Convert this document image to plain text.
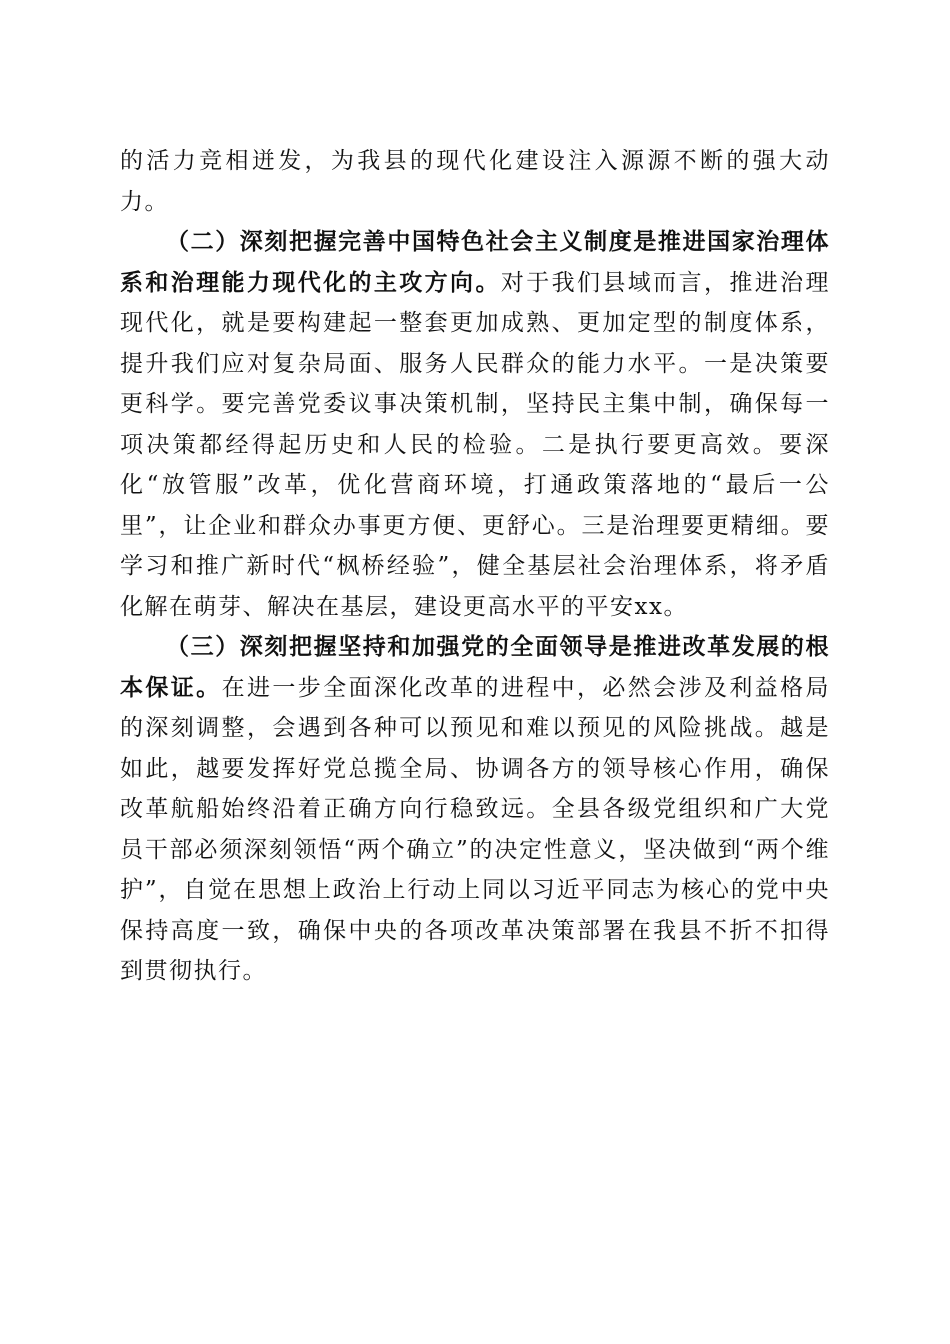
的活力竞相迸发，为我县的现代化建设注入源源不断的强大动力。

（二）深刻把握完善中国特色社会主义制度是推进国家治理体系和治理能力现代化的主攻方向。对于我们县域而言，推进治理现代化，就是要构建起一整套更加成熟、更加定型的制度体系，提升我们应对复杂局面、服务人民群众的能力水平。一是决策要更科学。要完善党委议事决策机制，坚持民主集中制，确保每一项决策都经得起历史和人民的检验。二是执行要更高效。要深化“放管服”改革，优化营商环境，打通政策落地的“最后一公里”，让企业和群众办事更方便、更舒心。三是治理要更精细。要学习和推广新时代“枫桥经验”，健全基层社会治理体系，将矛盾化解在萌芽、解决在基层，建设更高水平的平安xx。

（三）深刻把握坚持和加强党的全面领导是推进改革发展的根本保证。在进一步全面深化改革的进程中，必然会涉及利益格局的深刻调整，会遇到各种可以预见和难以预见的风险挑战。越是如此，越要发挥好党总揽全局、协调各方的领导核心作用，确保改革航船始终沿着正确方向行稳致远。全县各级党组织和广大党员干部必须深刻领悟“两个确立”的决定性意义，坚决做到“两个维护”，自觉在思想上政治上行动上同以习近平同志为核心的党中央保持高度一致，确保中央的各项改革决策部署在我县不折不扣得到贯彻执行。
